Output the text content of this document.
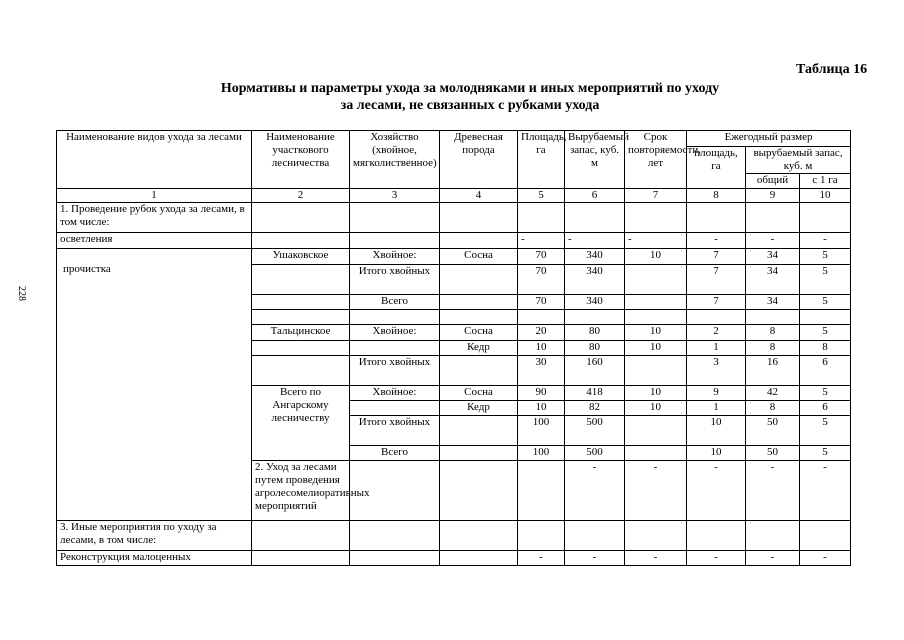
228
Таблица 16
Нормативы и параметры ухода за молодняками и иных мероприятий по уходу
за лесами, не связанных с рубками ухода
Наименование видов ухода за лесами	Наименование участкового лесничества	Хозяйство (хвойное, мягколиственное)	Древесная порода	Площадь, га	Вырубаемый запас, куб. м	Срок повторяемости, лет	Ежегодный размер			
							площадь, га	вырубаемый запас, куб. м		
								общий	с 1 га	
1	2	3	4	5	6	7	8	9	10	
1. Проведение рубок ухода за лесами, в том числе:										
осветления				-	-	-	-	-	-	
прочистка	Ушаковское	Хвойное:	Сосна	70	340	10	7	34	5	
		Итого хвойных		70	340		7	34	5	
		Всего		70	340		7	34	5	

	Тальцинское	Хвойное:	Сосна	20	80	10	2	8	5	
			Кедр	10	80	10	1	8	8	
		Итого хвойных		30	160		3	16	6	
	Всего по Ангарскому лесничеству	Хвойное:	Сосна	90	418	10	9	42	5	
			Кедр	10	82	10	1	8	6	
		Итого хвойных		100	500		10	50	5	
		Всего		100	500		10	50	5	
	2. Уход за лесами путем проведения агролесомелиоративных мероприятий				-	-	-	-	-	
3. Иные мероприятия по уходу за лесами, в том числе:										
Реконструкция малоценных				-	-	-	-	-	-	
